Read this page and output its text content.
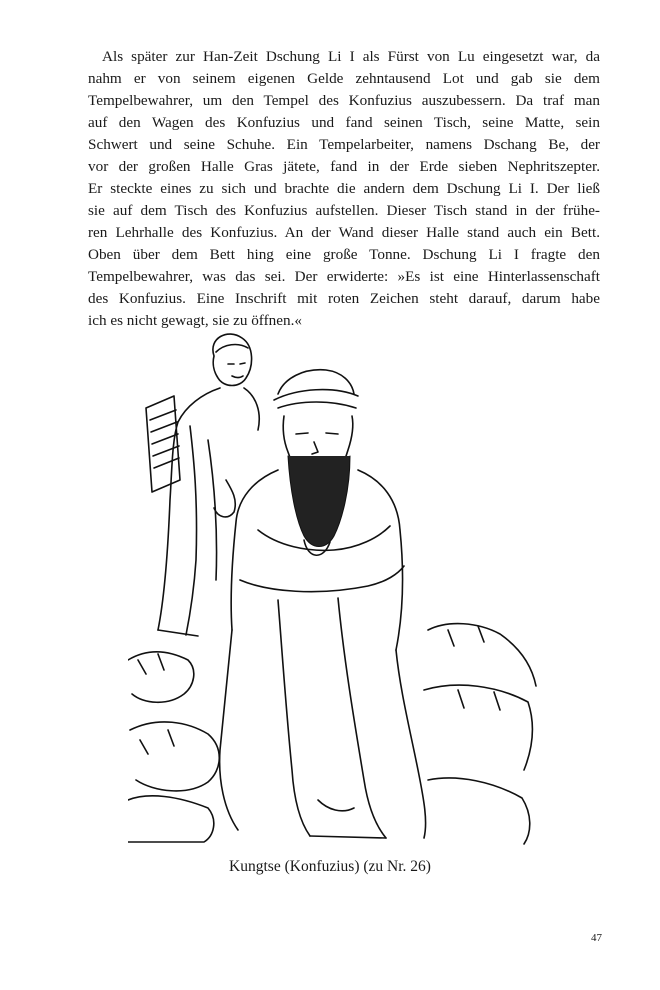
Als später zur Han-Zeit Dschung Li I als Fürst von Lu eingesetzt war, da
nahm er von seinem eigenen Gelde zehntausend Lot und gab sie dem
Tempelbewahrer, um den Tempel des Konfuzius auszubessern. Da traf man
auf den Wagen des Konfuzius und fand seinen Tisch, seine Matte, sein
Schwert und seine Schuhe. Ein Tempelarbeiter, namens Dschang Be, der
vor der großen Halle Gras jätete, fand in der Erde sieben Nephritszepter.
Er steckte eines zu sich und brachte die andern dem Dschung Li I. Der ließ
sie auf dem Tisch des Konfuzius aufstellen. Dieser Tisch stand in der frühe-
ren Lehrhalle des Konfuzius. An der Wand dieser Halle stand auch ein Bett.
Oben über dem Bett hing eine große Tonne. Dschung Li I fragte den
Tempelbewahrer, was das sei. Der erwiderte: »Es ist eine Hinterlassenschaft
des Konfuzius. Eine Inschrift mit roten Zeichen steht darauf, darum habe
ich es nicht gewagt, sie zu öffnen.«
Kungtse (Konfuzius) (zu Nr. 26)
47
